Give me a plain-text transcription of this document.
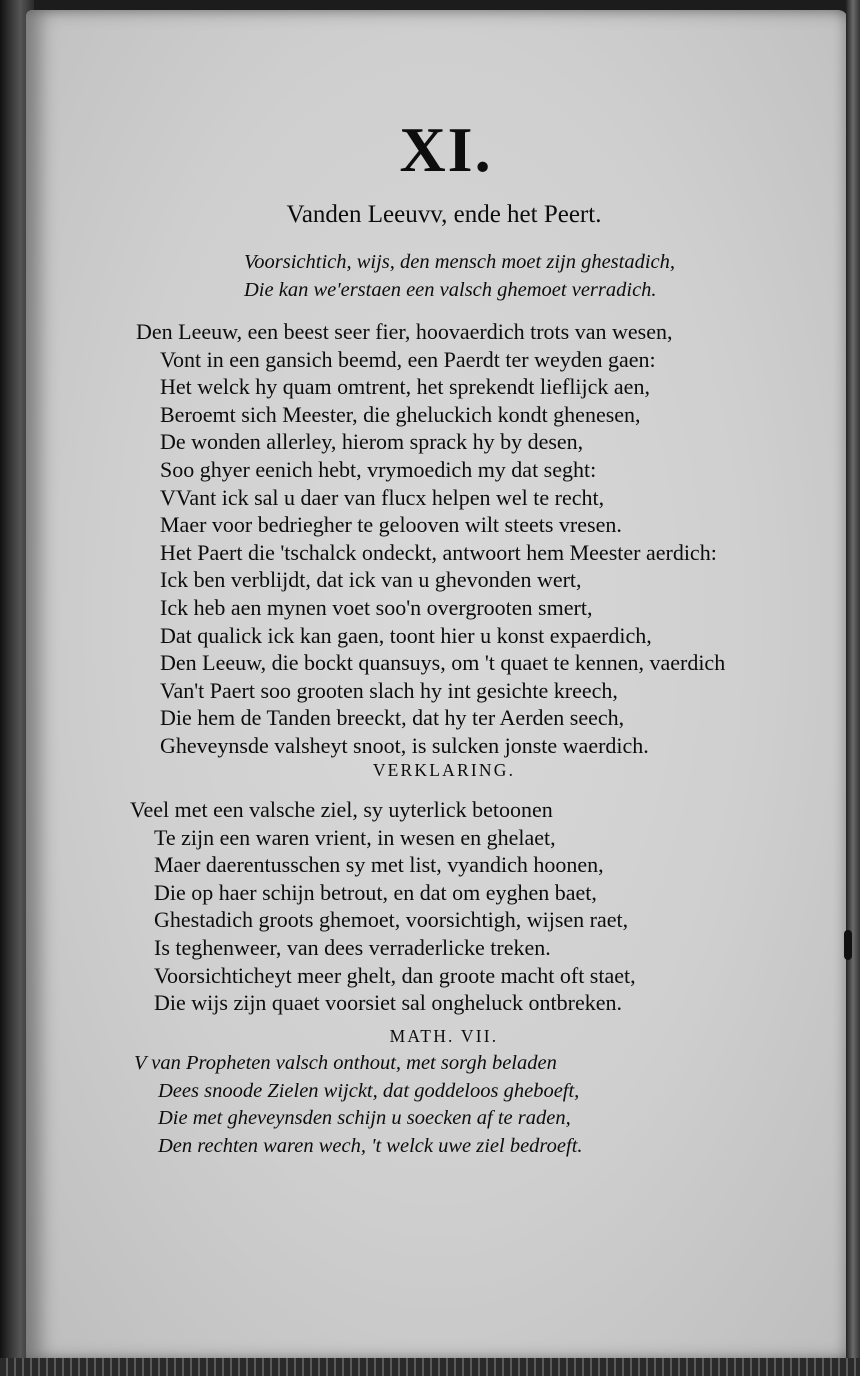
XI.
Vanden Leeuvv, ende het Peert.
Voorsichtich, wijs, den mensch moet zijn ghestadich,
Die kan we'erstaen een valsch ghemoet verradich.
Den Leeuw, een beest seer fier, hoovaerdich trots van wesen,
Vont in een gansich beemd, een Paerdt ter weyden gaen:
Het welck hy quam omtrent, het sprekendt lieflijck aen,
Beroemt sich Meester, die gheluckich kondt ghenesen,
De wonden allerley, hierom sprack hy by desen,
Soo ghyer eenich hebt, vrymoedich my dat seght:
VVant ick sal u daer van flucx helpen wel te recht,
Maer voor bedriegher te gelooven wilt steets vresen.
Het Paert die 'tschalck ondeckt, antwoort hem Meester aerdich:
Ick ben verblijdt, dat ick van u ghevonden wert,
Ick heb aen mynen voet soo'n overgrooten smert,
Dat qualick ick kan gaen, toont hier u konst expaerdich,
Den Leeuw, die bockt quansuys, om 't quaet te kennen, vaerdich
Van't Paert soo grooten slach hy int gesichte kreech,
Die hem de Tanden breeckt, dat hy ter Aerden seech,
Gheveynsde valsheyt snoot, is sulcken jonste waerdich.
VERKLARING.
Veel met een valsche ziel, sy uyterlick betoonen
Te zijn een waren vrient, in wesen en ghelaet,
Maer daerentusschen sy met list, vyandich hoonen,
Die op haer schijn betrout, en dat om eyghen baet,
Ghestadich groots ghemoet, voorsichtigh, wijsen raet,
Is teghenweer, van dees verraderlicke treken.
Voorsichticheyt meer ghelt, dan groote macht oft staet,
Die wijs zijn quaet voorsiet sal ongheluck ontbreken.
MATH. VII.
V van Propheten valsch onthout, met sorgh beladen
Dees snoode Zielen wijckt, dat goddeloos gheboeft,
Die met gheveynsden schijn u soecken af te raden,
Den rechten waren wech, 't welck uwe ziel bedroeft.
